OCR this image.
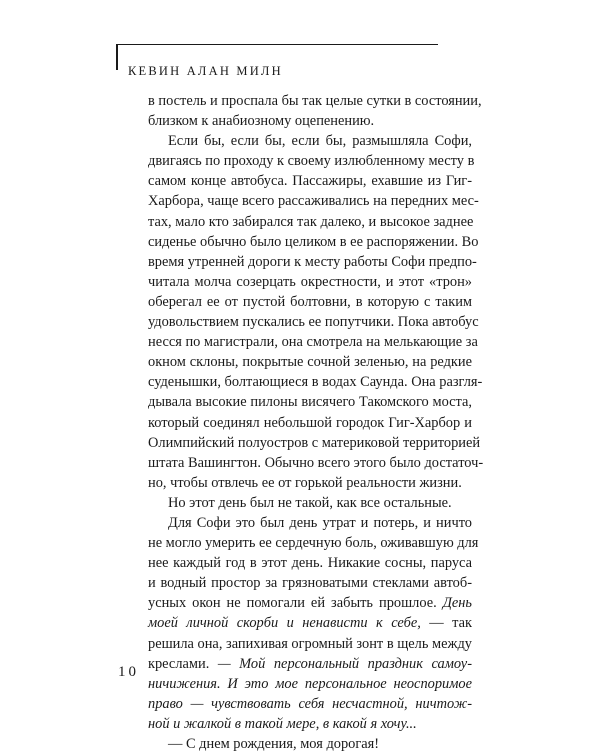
КЕВИН АЛАН МИЛН
в постель и проспала бы так целые сутки в состоянии,
близком к анабиозному оцепенению.
Если бы, если бы, если бы, размышляла Софи,
двигаясь по проходу к своему излюбленному месту в
самом конце автобуса. Пассажиры, ехавшие из Гиг-
Харбора, чаще всего рассаживались на передних мес-
тах, мало кто забирался так далеко, и высокое заднее
сиденье обычно было целиком в ее распоряжении. Во
время утренней дороги к месту работы Софи предпо-
читала молча созерцать окрестности, и этот «трон»
оберегал ее от пустой болтовни, в которую с таким
удовольствием пускались ее попутчики. Пока автобус
несся по магистрали, она смотрела на мелькающие за
окном склоны, покрытые сочной зеленью, на редкие
суденышки, болтающиеся в водах Саунда. Она разгля-
дывала высокие пилоны висячего Такомского моста,
который соединял небольшой городок Гиг-Харбор и
Олимпийский полуостров с материковой территорией
штата Вашингтон. Обычно всего этого было достаточ-
но, чтобы отвлечь ее от горькой реальности жизни.
Но этот день был не такой, как все остальные.
Для Софи это был день утрат и потерь, и ничто
не могло умерить ее сердечную боль, оживавшую для
нее каждый год в этот день. Никакие сосны, паруса
и водный простор за грязноватыми стеклами автоб-
усных окон не помогали ей забыть прошлое. День
моей личной скорби и ненависти к себе, — так
решила она, запихивая огромный зонт в щель между
креслами. — Мой персональный праздник самоу-
ничижения. И это мое персональное неоспоримое
право — чувствовать себя несчастной, ничтож-
ной и жалкой в такой мере, в какой я хочу...
— С днем рождения, моя дорогая!
10
